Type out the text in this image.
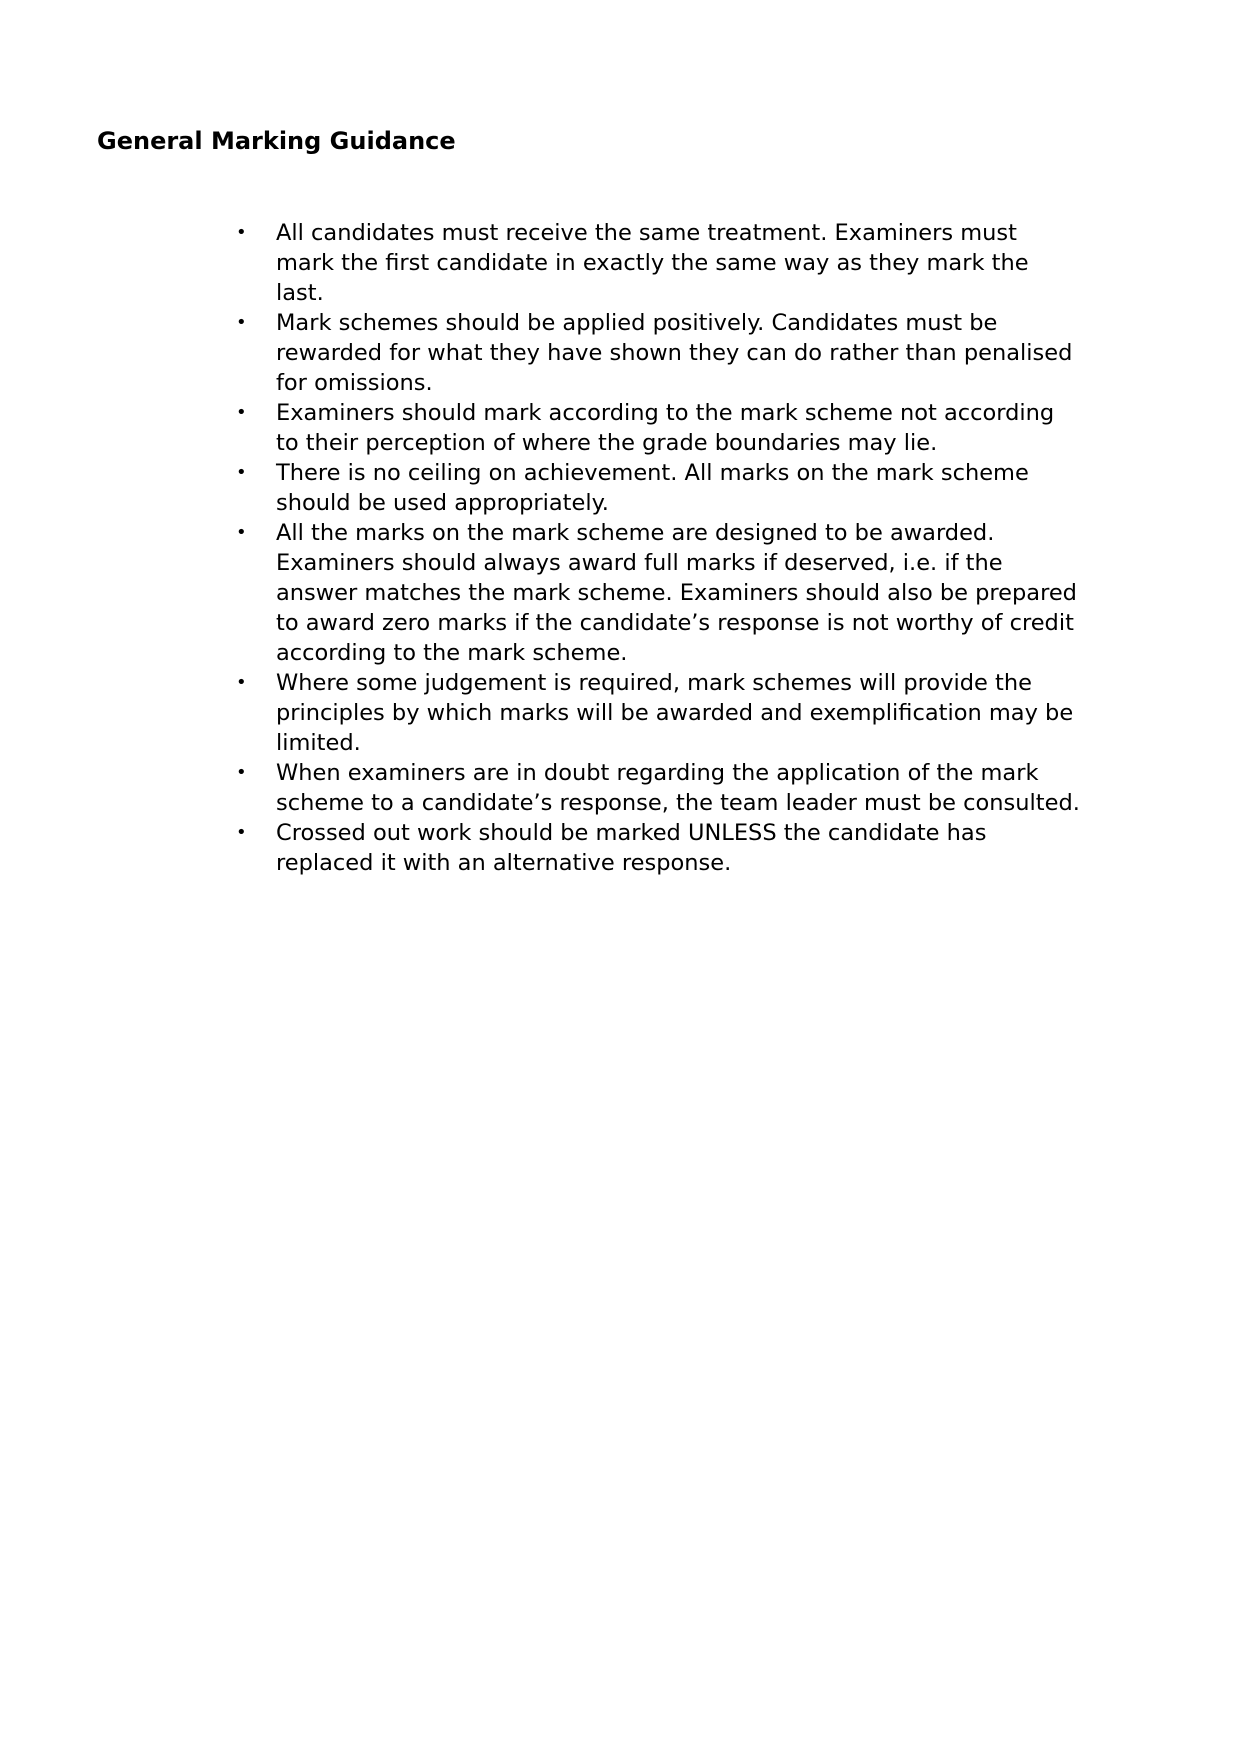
General Marking Guidance
• All candidates must receive the same treatment. Examiners must mark the first candidate in exactly the same way as they mark the last.
• Mark schemes should be applied positively. Candidates must be rewarded for what they have shown they can do rather than penalised for omissions.
• Examiners should mark according to the mark scheme not according to their perception of where the grade boundaries may lie.
• There is no ceiling on achievement. All marks on the mark scheme should be used appropriately.
• All the marks on the mark scheme are designed to be awarded. Examiners should always award full marks if deserved, i.e. if the answer matches the mark scheme. Examiners should also be prepared to award zero marks if the candidate’s response is not worthy of credit according to the mark scheme.
• Where some judgement is required, mark schemes will provide the principles by which marks will be awarded and exemplification may be limited.
• When examiners are in doubt regarding the application of the mark scheme to a candidate’s response, the team leader must be consulted.
• Crossed out work should be marked UNLESS the candidate has replaced it with an alternative response.
